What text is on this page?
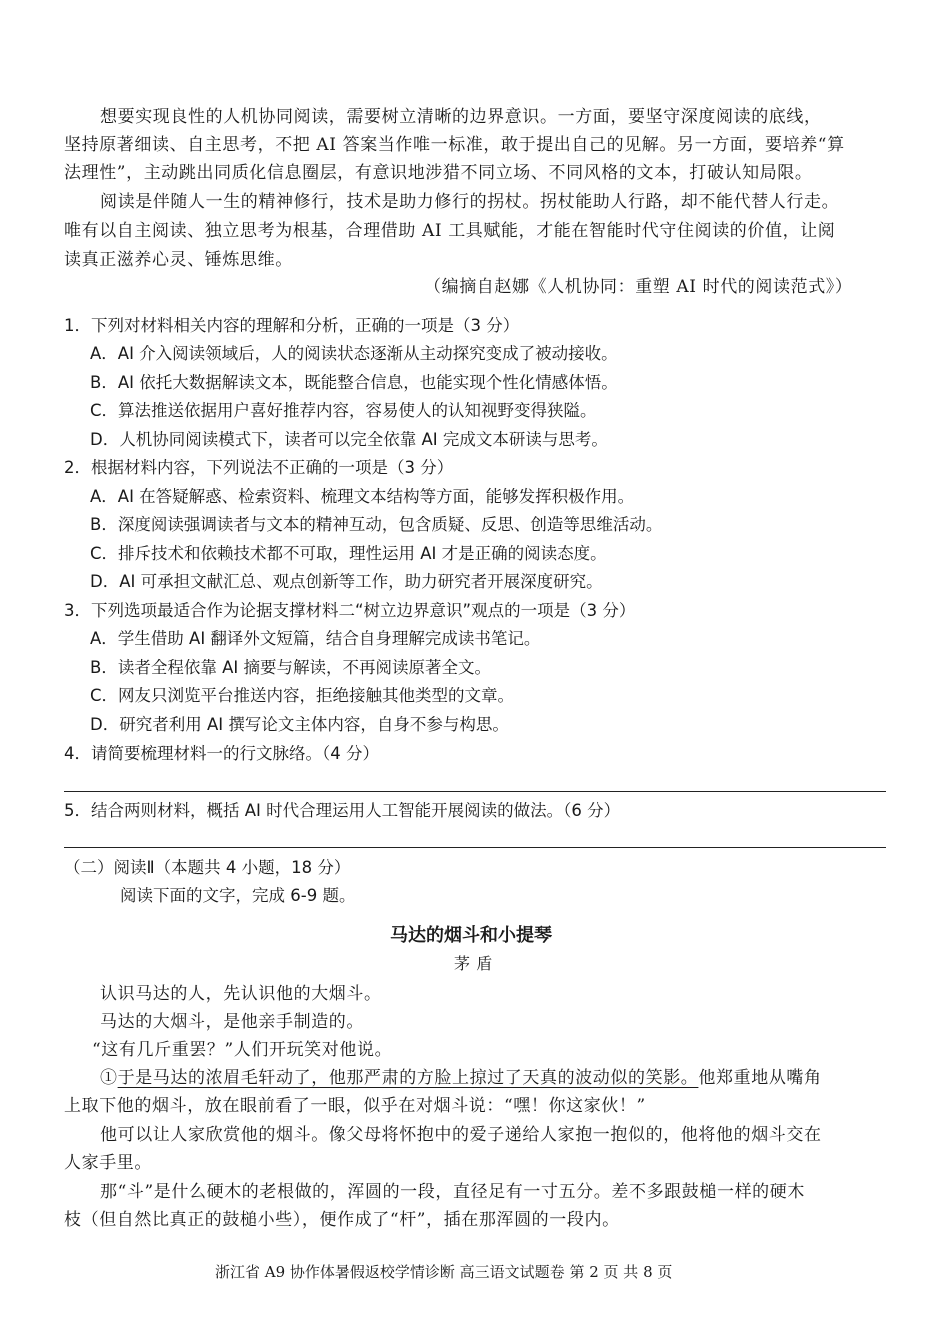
想要实现良性的人机协同阅读，需要树立清晰的边界意识。一方面，要坚守深度阅读的底线，
坚持原著细读、自主思考，不把 AI 答案当作唯一标准，敢于提出自己的见解。另一方面，要培养“算
法理性”，主动跳出同质化信息圈层，有意识地涉猎不同立场、不同风格的文本，打破认知局限。
阅读是伴随人一生的精神修行，技术是助力修行的拐杖。拐杖能助人行路，却不能代替人行走。
唯有以自主阅读、独立思考为根基，合理借助 AI 工具赋能，才能在智能时代守住阅读的价值，让阅
读真正滋养心灵、锤炼思维。
（编摘自赵娜《人机协同：重塑 AI 时代的阅读范式》）
1．下列对材料相关内容的理解和分析，正确的一项是（3 分）
A．AI 介入阅读领域后，人的阅读状态逐渐从主动探究变成了被动接收。
B．AI 依托大数据解读文本，既能整合信息，也能实现个性化情感体悟。
C．算法推送依据用户喜好推荐内容，容易使人的认知视野变得狭隘。
D．人机协同阅读模式下，读者可以完全依靠 AI 完成文本研读与思考。
2．根据材料内容，下列说法不正确的一项是（3 分）
A．AI 在答疑解惑、检索资料、梳理文本结构等方面，能够发挥积极作用。
B．深度阅读强调读者与文本的精神互动，包含质疑、反思、创造等思维活动。
C．排斥技术和依赖技术都不可取，理性运用 AI 才是正确的阅读态度。
D．AI 可承担文献汇总、观点创新等工作，助力研究者开展深度研究。
3．下列选项最适合作为论据支撑材料二“树立边界意识”观点的一项是（3 分）
A．学生借助 AI 翻译外文短篇，结合自身理解完成读书笔记。
B．读者全程依靠 AI 摘要与解读，不再阅读原著全文。
C．网友只浏览平台推送内容，拒绝接触其他类型的文章。
D．研究者利用 AI 撰写论文主体内容，自身不参与构思。
4．请简要梳理材料一的行文脉络。（4 分）
5．结合两则材料，概括 AI 时代合理运用人工智能开展阅读的做法。（6 分）
（二）阅读Ⅱ（本题共 4 小题，18 分）
阅读下面的文字，完成 6-9 题。
马达的烟斗和小提琴
茅 盾
认识马达的人，先认识他的大烟斗。
马达的大烟斗，是他亲手制造的。
“这有几斤重罢？”人们开玩笑对他说。
①于是马达的浓眉毛轩动了，他那严肃的方脸上掠过了天真的波动似的笑影。他郑重地从嘴角
上取下他的烟斗，放在眼前看了一眼，似乎在对烟斗说：“嘿！你这家伙！”
他可以让人家欣赏他的烟斗。像父母将怀抱中的爱子递给人家抱一抱似的，他将他的烟斗交在
人家手里。
那“斗”是什么硬木的老根做的，浑圆的一段，直径足有一寸五分。差不多跟鼓槌一样的硬木
枝（但自然比真正的鼓槌小些），便作成了“杆”，插在那浑圆的一段内。
浙江省 A9 协作体暑假返校学情诊断 高三语文试题卷 第 2 页 共 8 页
